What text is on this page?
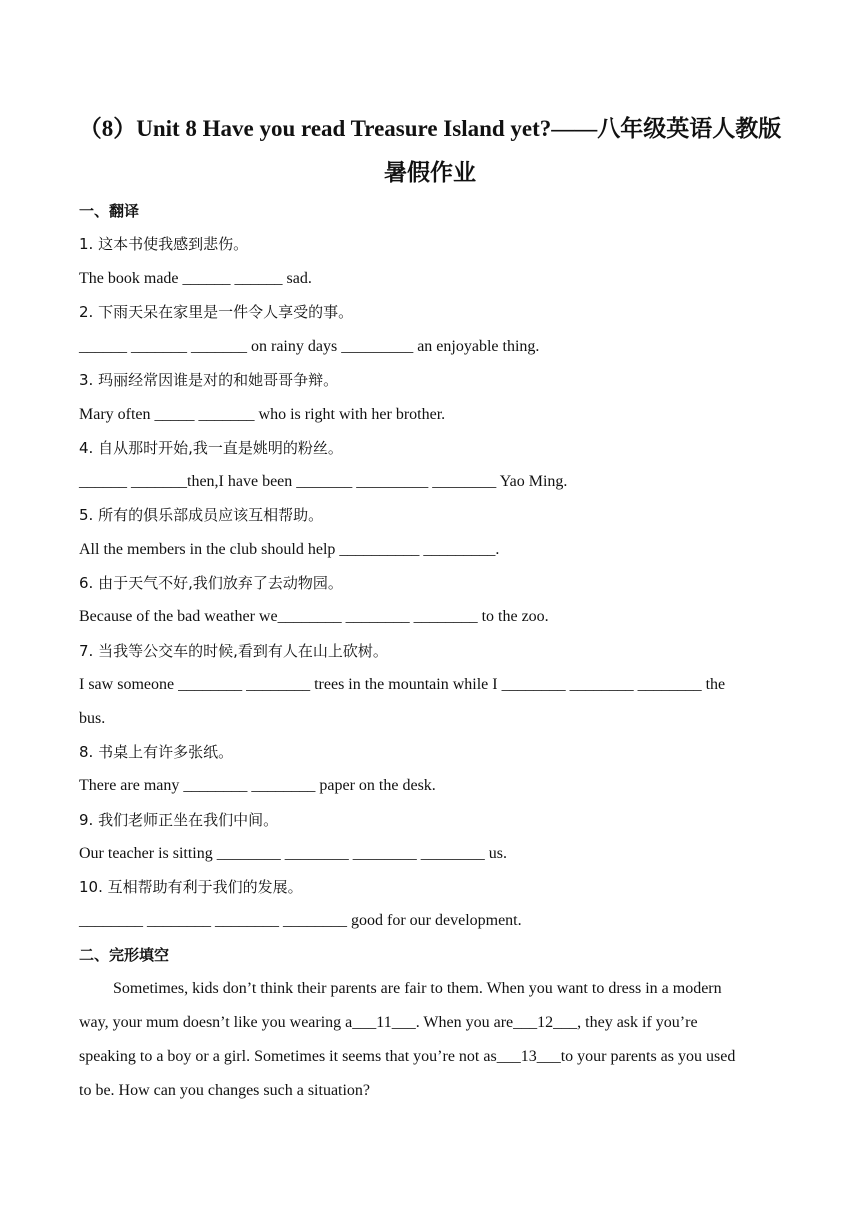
（8）Unit 8 Have you read Treasure Island yet?——八年级英语人教版
暑假作业
一、翻译
1. 这本书使我感到悲伤。
The book made ______ ______ sad.
2. 下雨天呆在家里是一件令人享受的事。
______ _______ _______ on rainy days _________ an enjoyable thing.
3. 玛丽经常因谁是对的和她哥哥争辩。
Mary often _____ _______ who is right with her brother.
4. 自从那时开始,我一直是姚明的粉丝。
______ _______then,I have been _______ _________ ________ Yao Ming.
5. 所有的俱乐部成员应该互相帮助。
All the members in the club should help __________ _________.
6. 由于天气不好,我们放弃了去动物园。
Because of the bad weather we________ ________ ________ to the zoo.
7. 当我等公交车的时候,看到有人在山上砍树。
I saw someone ________ ________ trees in the mountain while I ________ ________ ________ the
bus.
8. 书桌上有许多张纸。
There are many ________ ________ paper on the desk.
9. 我们老师正坐在我们中间。
Our teacher is sitting ________ ________ ________ ________ us.
10. 互相帮助有利于我们的发展。
________ ________ ________ ________ good for our development.
二、完形填空
Sometimes, kids don’t think their parents are fair to them. When you want to dress in a modern
way, your mum doesn’t like you wearing a___11___. When you are___12___, they ask if you’re
speaking to a boy or a girl. Sometimes it seems that you’re not as___13___to your parents as you used
to be. How can you changes such a situation?
